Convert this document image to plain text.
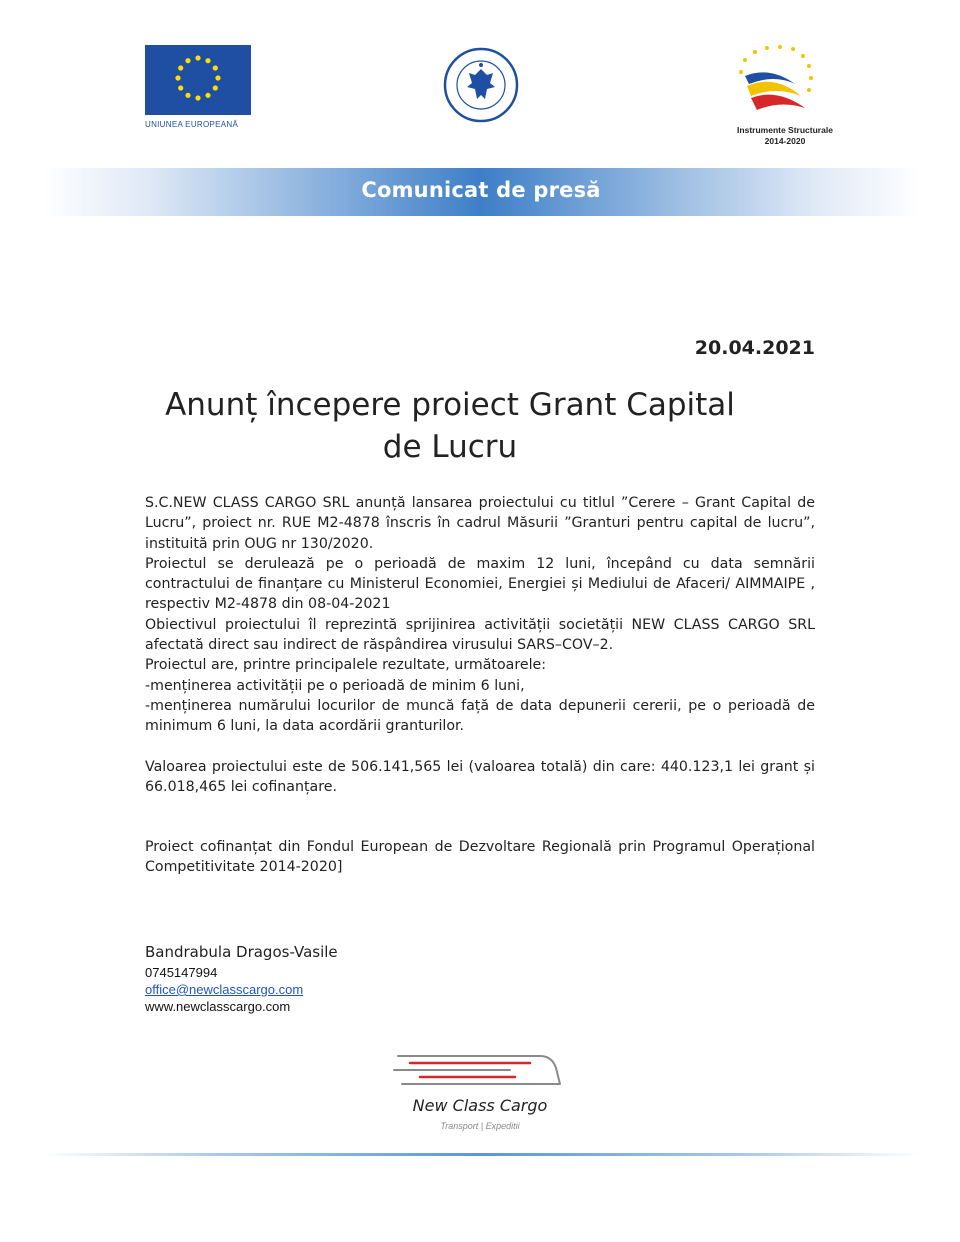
UNIUNEA EUROPEANĂ
Instrumente Structurale
2014-2020
Comunicat de presă
20.04.2021
Anunț începere proiect Grant Capital
de Lucru

S.C.NEW CLASS CARGO SRL anunță lansarea proiectului cu titlul ”Cerere – Grant Capital de Lucru”, proiect nr. RUE M2-4878 înscris în cadrul Măsurii ”Granturi pentru capital de lucru”, instituită prin OUG nr 130/2020.

Proiectul se derulează pe o perioadă de maxim 12 luni, începând cu data semnării contractului de finanțare cu Ministerul Economiei, Energiei și Mediului de Afaceri/ AIMMAIPE , respectiv M2-4878 din 08-04-2021

Obiectivul proiectului îl reprezintă sprijinirea activității societății NEW CLASS CARGO SRL afectată direct sau indirect de răspândirea virusului SARS–COV–2.

Proiectul are, printre principalele rezultate, următoarele:

-menținerea activității pe o perioadă de minim 6 luni,

-menținerea numărului locurilor de muncă față de data depunerii cererii, pe o perioadă de minimum 6 luni, la data acordării granturilor.

Valoarea proiectului este de 506.141,565 lei (valoarea totală) din care: 440.123,1 lei grant și 66.018,465 lei cofinanțare.

Proiect cofinanțat din Fondul European de Dezvoltare Regională prin Programul Operațional Competitivitate 2014-2020]

Bandrabula Dragos-Vasile
0745147994
office@newclasscargo.com
www.newclasscargo.com
New Class Cargo
Transport | Expeditii
